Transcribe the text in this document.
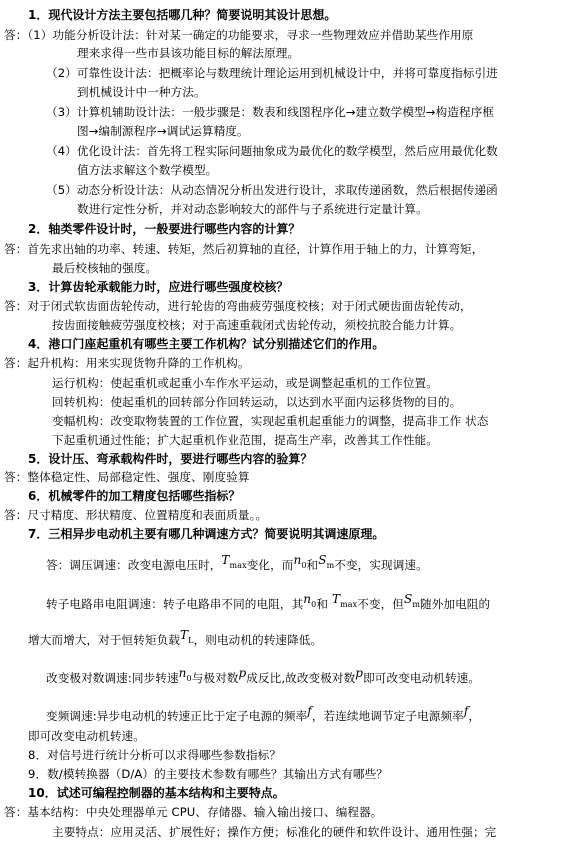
1．现代设计方法主要包括哪几种？简要说明其设计思想。
答：（1）功能分析设计法：针对某一确定的功能要求，寻求一些物理效应并借助某些作用原
理来求得一些市县该功能目标的解法原理。
（2）可靠性设计法：把概率论与数理统计理论运用到机械设计中，并将可靠度指标引进
到机械设计中一种方法。
（3）计算机辅助设计法：一般步骤是：数表和线图程序化→建立数学模型→构造程序框
图→编制源程序→调试运算精度。
（4）优化设计法：首先将工程实际问题抽象成为最优化的数学模型，然后应用最优化数
值方法求解这个数学模型。
（5）动态分析设计法：从动态情况分析出发进行设计，求取传递函数，然后根据传递函
数进行定性分析，并对动态影响较大的部件与子系统进行定量计算。
2．轴类零件设计时，一般要进行哪些内容的计算？
答：首先求出轴的功率、转速、转矩，然后初算轴的直径，计算作用于轴上的力，计算弯矩，
最后校核轴的强度。
3．计算齿轮承载能力时，应进行哪些强度校核？
答：对于闭式软齿面齿轮传动，进行轮齿的弯曲疲劳强度校核；对于闭式硬齿面齿轮传动，
按齿面接触疲劳强度校核；对于高速重载闭式齿轮传动，须校抗胶合能力计算。
4．港口门座起重机有哪些主要工作机构？试分别描述它们的作用。
答：起升机构：用来实现货物升降的工作机构。
运行机构：使起重机或起重小车作水平运动，或是调整起重机的工作位置。
回转机构：使起重机的回转部分作回转运动，以达到水平面内运移货物的目的。
变幅机构：改变取物装置的工作位置，实现起重机起重能力的调整，提高非工作 状态
下起重机通过性能；扩大起重机作业范围，提高生产率，改善其工作性能。
5．设计压、弯承载构件时，要进行哪些内容的验算？
答：整体稳定性、局部稳定性、强度、刚度验算
6．机械零件的加工精度包括哪些指标？
答：尺寸精度、形状精度、位置精度和表面质量。。
7．三相异步电动机主要有哪几种调速方式？简要说明其调速原理。
答：调压调速：改变电源电压时，$T_{max}$变化，而$n_0$和$S_m$不变，实现调速。
转子电路串电阻调速：转子电路串不同的电阻，其$n_0$和 $T_{max}$不变，但$S_m$随外加电阻的
增大而增大，对于恒转矩负载$T_L$，则电动机的转速降低。
改变极对数调速:同步转速$n_0$与极对数p成反比,故改变极对数p即可改变电动机转速。
变频调速:异步电动机的转速正比于定子电源的频率f，若连续地调节定子电源频率f，
即可改变电动机转速。
8．对信号进行统计分析可以求得哪些参数指标？
9．数/模转换器（D/A）的主要技术参数有哪些？其输出方式有哪些？
10．试述可编程控制器的基本结构和主要特点。
答：基本结构：中央处理器单元 CPU、存储器、输入输出接口、编程器。
主要特点：应用灵活、扩展性好；操作方便；标准化的硬件和软件设计、通用性强；完
